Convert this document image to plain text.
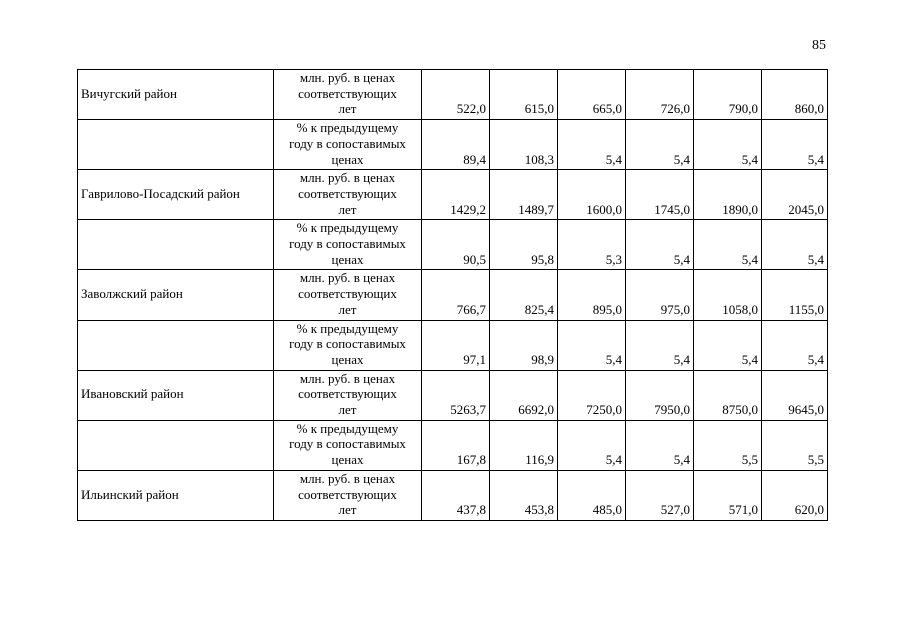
85
Вичугский район	млн. руб. в ценах
соответствующих
лет	522,0	615,0	665,0	726,0	790,0	860,0

	% к предыдущему
году в сопоставимых
ценах	89,4	108,3	5,4	5,4	5,4	5,4
Гаврилово-Посадский район	млн. руб. в ценах
соответствующих
лет	1429,2	1489,7	1600,0	1745,0	1890,0	2045,0

	% к предыдущему
году в сопоставимых
ценах	90,5	95,8	5,3	5,4	5,4	5,4
Заволжский район	млн. руб. в ценах
соответствующих
лет	766,7	825,4	895,0	975,0	1058,0	1155,0

	% к предыдущему
году в сопоставимых
ценах	97,1	98,9	5,4	5,4	5,4	5,4
Ивановский район	млн. руб. в ценах
соответствующих
лет	5263,7	6692,0	7250,0	7950,0	8750,0	9645,0

	% к предыдущему
году в сопоставимых
ценах	167,8	116,9	5,4	5,4	5,5	5,5
Ильинский район	млн. руб. в ценах
соответствующих
лет	437,8	453,8	485,0	527,0	571,0	620,0
